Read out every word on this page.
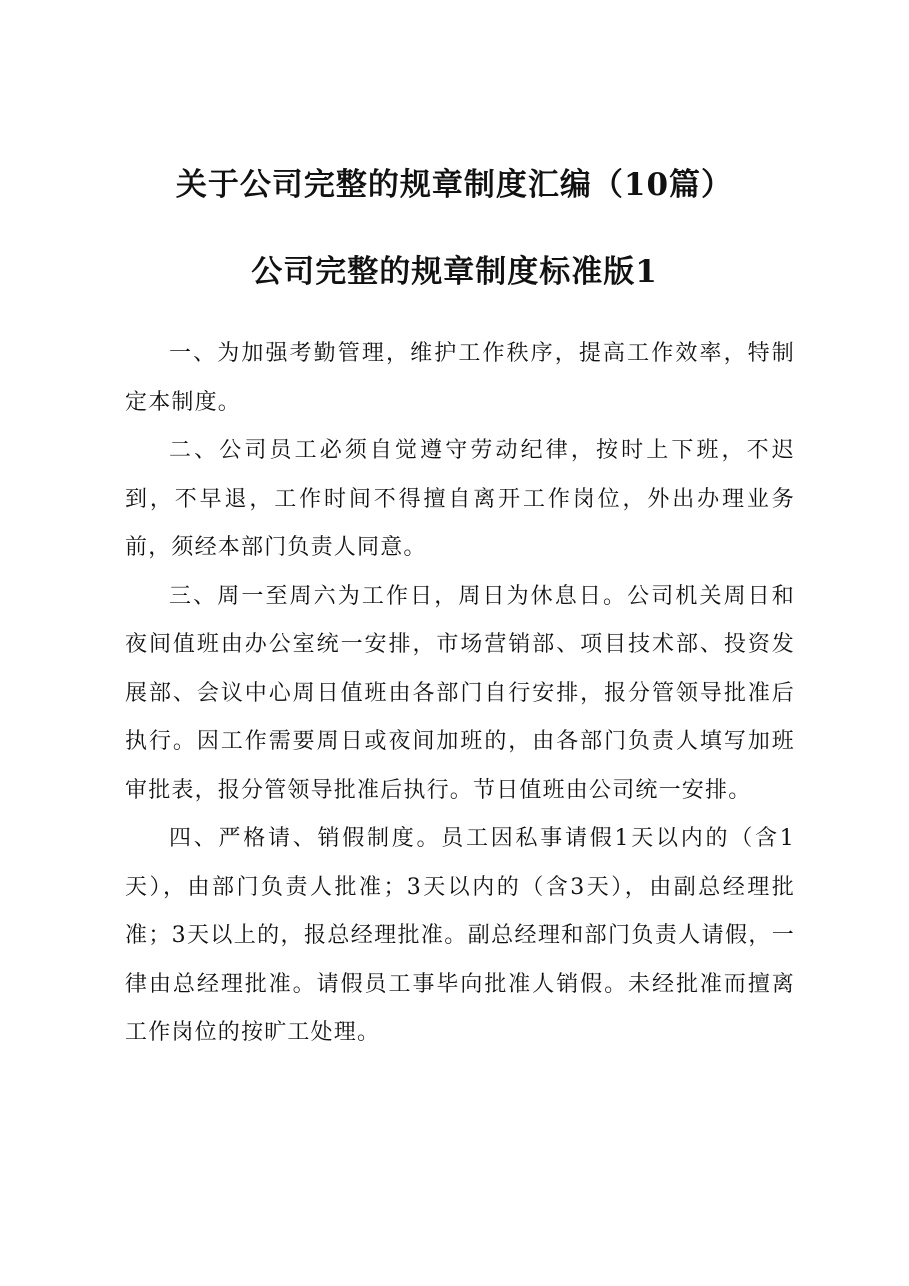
关于公司完整的规章制度汇编（10篇）
公司完整的规章制度标准版1

一、为加强考勤管理，维护工作秩序，提高工作效率，特制定本制度。

二、公司员工必须自觉遵守劳动纪律，按时上下班，不迟到，不早退，工作时间不得擅自离开工作岗位，外出办理业务前，须经本部门负责人同意。

三、周一至周六为工作日，周日为休息日。公司机关周日和夜间值班由办公室统一安排，市场营销部、项目技术部、投资发展部、会议中心周日值班由各部门自行安排，报分管领导批准后执行。因工作需要周日或夜间加班的，由各部门负责人填写加班审批表，报分管领导批准后执行。节日值班由公司统一安排。

四、严格请、销假制度。员工因私事请假1天以内的（含1天），由部门负责人批准；3天以内的（含3天），由副总经理批准；3天以上的，报总经理批准。副总经理和部门负责人请假，一律由总经理批准。请假员工事毕向批准人销假。未经批准而擅离工作岗位的按旷工处理。
